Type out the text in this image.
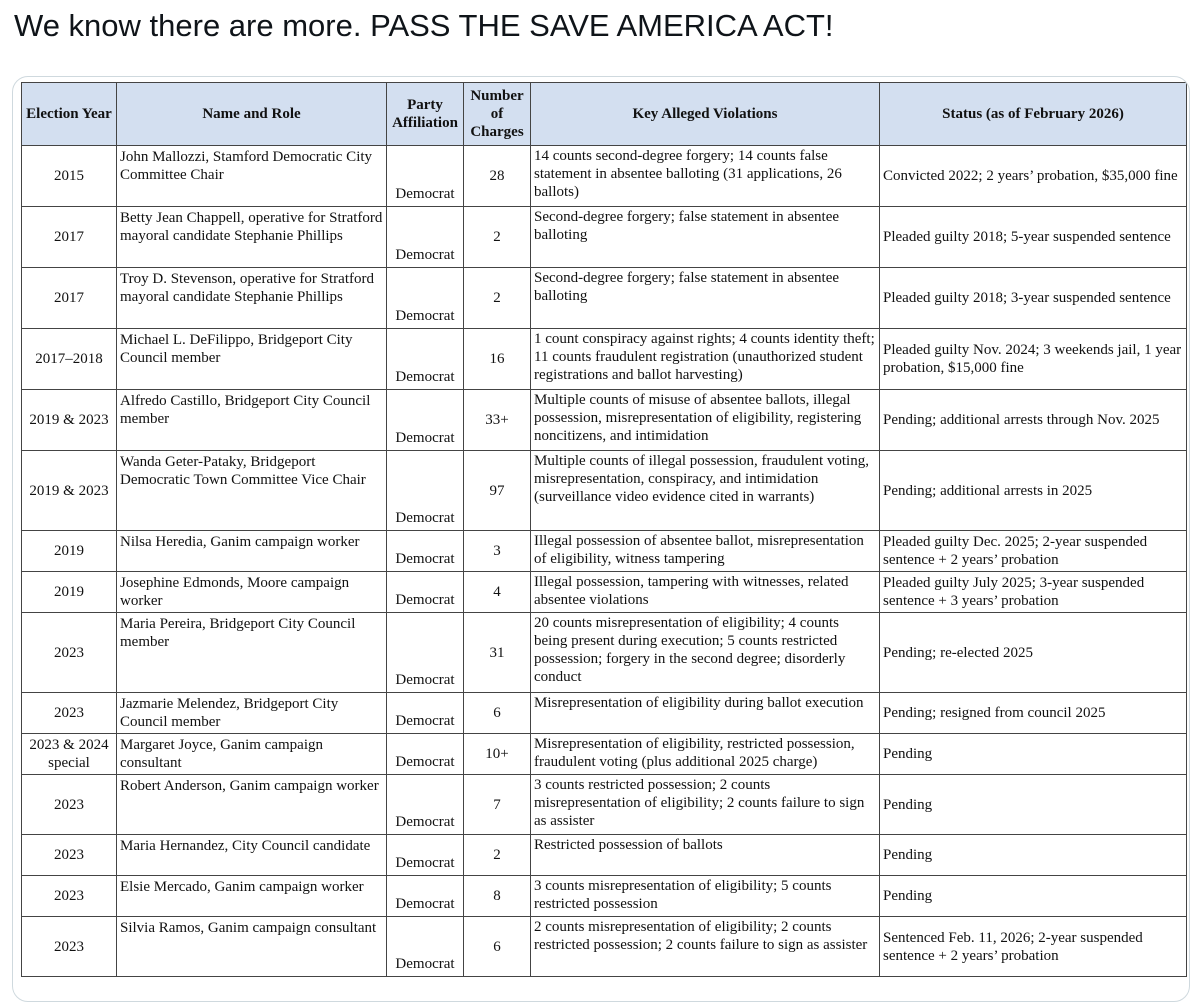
We know there are more. PASS THE SAVE AMERICA ACT!
Election Year	Name and Role	Party Affiliation	Number of Charges	Key Alleged Violations	Status (as of February 2026)
2015	John Mallozzi, Stamford Democratic City Committee Chair	Democrat	28	14 counts second-degree forgery; 14 counts false statement in absentee balloting (31 applications, 26 ballots)	Convicted 2022; 2 years’ probation, $35,000 fine
2017	Betty Jean Chappell, operative for Stratford mayoral candidate Stephanie Phillips	Democrat	2	Second-degree forgery; false statement in absentee balloting	Pleaded guilty 2018; 5-year suspended sentence
2017	Troy D. Stevenson, operative for Stratford mayoral candidate Stephanie Phillips	Democrat	2	Second-degree forgery; false statement in absentee balloting	Pleaded guilty 2018; 3-year suspended sentence
2017–2018	Michael L. DeFilippo, Bridgeport City Council member	Democrat	16	1 count conspiracy against rights; 4 counts identity theft; 11 counts fraudulent registration (unauthorized student registrations and ballot harvesting)	Pleaded guilty Nov. 2024; 3 weekends jail, 1 year probation, $15,000 fine
2019 & 2023	Alfredo Castillo, Bridgeport City Council member	Democrat	33+	Multiple counts of misuse of absentee ballots, illegal possession, misrepresentation of eligibility, registering noncitizens, and intimidation	Pending; additional arrests through Nov. 2025
2019 & 2023	Wanda Geter-Pataky, Bridgeport Democratic Town Committee Vice Chair	Democrat	97	Multiple counts of illegal possession, fraudulent voting, misrepresentation, conspiracy, and intimidation (surveillance video evidence cited in warrants)	Pending; additional arrests in 2025
2019	Nilsa Heredia, Ganim campaign worker	Democrat	3	Illegal possession of absentee ballot, misrepresentation of eligibility, witness tampering	Pleaded guilty Dec. 2025; 2-year suspended sentence + 2 years’ probation
2019	Josephine Edmonds, Moore campaign worker	Democrat	4	Illegal possession, tampering with witnesses, related absentee violations	Pleaded guilty July 2025; 3-year suspended sentence + 3 years’ probation
2023	Maria Pereira, Bridgeport City Council member	Democrat	31	20 counts misrepresentation of eligibility; 4 counts being present during execution; 5 counts restricted possession; forgery in the second degree; disorderly conduct	Pending; re-elected 2025
2023	Jazmarie Melendez, Bridgeport City Council member	Democrat	6	Misrepresentation of eligibility during ballot execution	Pending; resigned from council 2025
2023 & 2024 special	Margaret Joyce, Ganim campaign consultant	Democrat	10+	Misrepresentation of eligibility, restricted possession, fraudulent voting (plus additional 2025 charge)	Pending
2023	Robert Anderson, Ganim campaign worker	Democrat	7	3 counts restricted possession; 2 counts misrepresentation of eligibility; 2 counts failure to sign as assister	Pending
2023	Maria Hernandez, City Council candidate	Democrat	2	Restricted possession of ballots	Pending
2023	Elsie Mercado, Ganim campaign worker	Democrat	8	3 counts misrepresentation of eligibility; 5 counts restricted possession	Pending
2023	Silvia Ramos, Ganim campaign consultant	Democrat	6	2 counts misrepresentation of eligibility; 2 counts restricted possession; 2 counts failure to sign as assister	Sentenced Feb. 11, 2026; 2-year suspended sentence + 2 years’ probation
